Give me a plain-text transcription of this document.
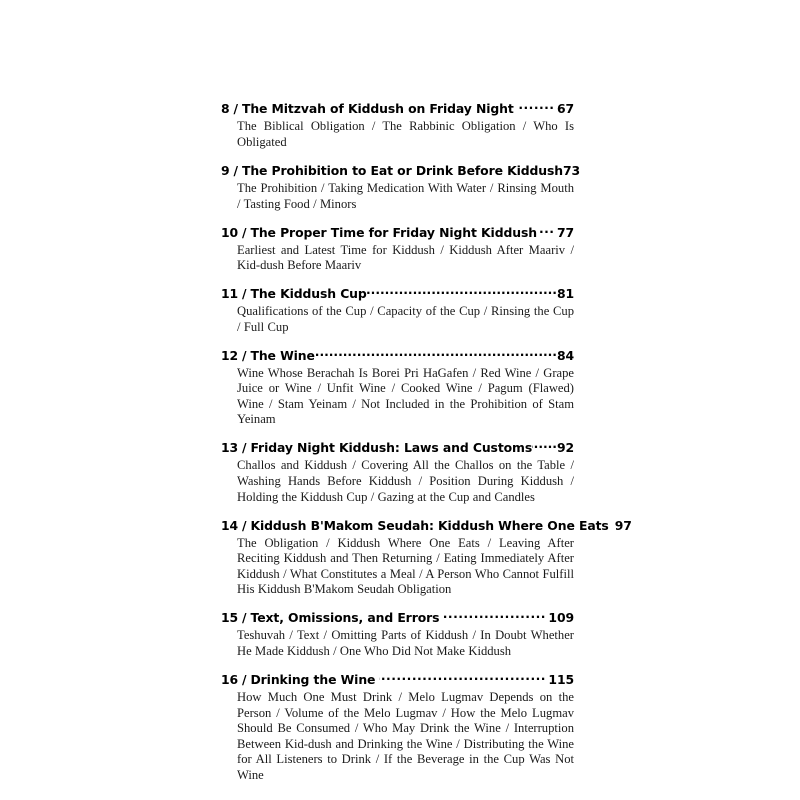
8 / The Mitzvah of Kiddush on Friday Night .....	67
The Biblical Obligation / The Rabbinic Obligation / Who Is Obligated
9 / The Prohibition to Eat or Drink Before Kiddush 73
The Prohibition / Taking Medication With Water / Rinsing Mouth / Tasting Food / Minors
10 / The Proper Time for Friday Night Kiddush ..... 77
Earliest and Latest Time for Kiddush / Kiddush After Maariv / Kid-dush Before Maariv
11 / The Kiddush Cup .....	81
Qualifications of the Cup / Capacity of the Cup / Rinsing the Cup / Full Cup
12 / The Wine .....	84
Wine Whose Berachah Is Borei Pri HaGafen / Red Wine / Grape Juice or Wine / Unfit Wine / Cooked Wine / Pagum (Flawed) Wine / Stam Yeinam / Not Included in the Prohibition of Stam Yeinam
13 / Friday Night Kiddush: Laws and Customs ..... 92
Challos and Kiddush / Covering All the Challos on the Table / Washing Hands Before Kiddush / Position During Kiddush / Holding the Kiddush Cup / Gazing at the Cup and Candles
14 / Kiddush B'Makom Seudah: Kiddush Where One Eats 97
The Obligation / Kiddush Where One Eats / Leaving After Reciting Kiddush and Then Returning / Eating Immediately After Kiddush / What Constitutes a Meal / A Person Who Cannot Fulfill His Kiddush B'Makom Seudah Obligation
15 / Text, Omissions, and Errors .....	109
Teshuvah / Text / Omitting Parts of Kiddush / In Doubt Whether He Made Kiddush / One Who Did Not Make Kiddush
16 / Drinking the Wine .....	115
How Much One Must Drink / Melo Lugmav Depends on the Person / Volume of the Melo Lugmav / How the Melo Lugmav Should Be Consumed / Who May Drink the Wine / Interruption Between Kid-dush and Drinking the Wine / Distributing the Wine for All Listeners to Drink / If the Beverage in the Cup Was Not Wine
